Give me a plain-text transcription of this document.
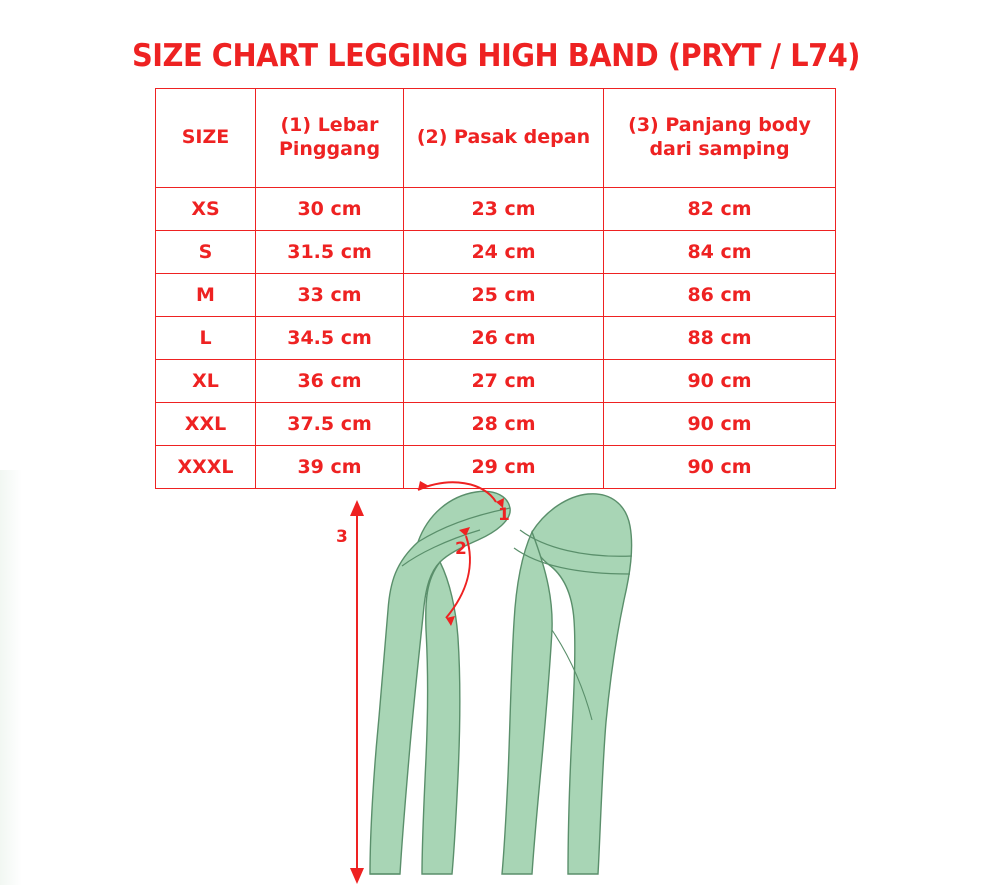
SIZE CHART LEGGING HIGH BAND (PRYT / L74)
SIZE	(1) Lebar Pinggang	(2) Pasak depan	(3) Panjang body dari samping
XS	30 cm	23 cm	82 cm
S	31.5 cm	24 cm	84 cm
M	33 cm	25 cm	86 cm
L	34.5 cm	26 cm	88 cm
XL	36 cm	27 cm	90 cm
XXL	37.5 cm	28 cm	90 cm
XXXL	39 cm	29 cm	90 cm
1
2
3
